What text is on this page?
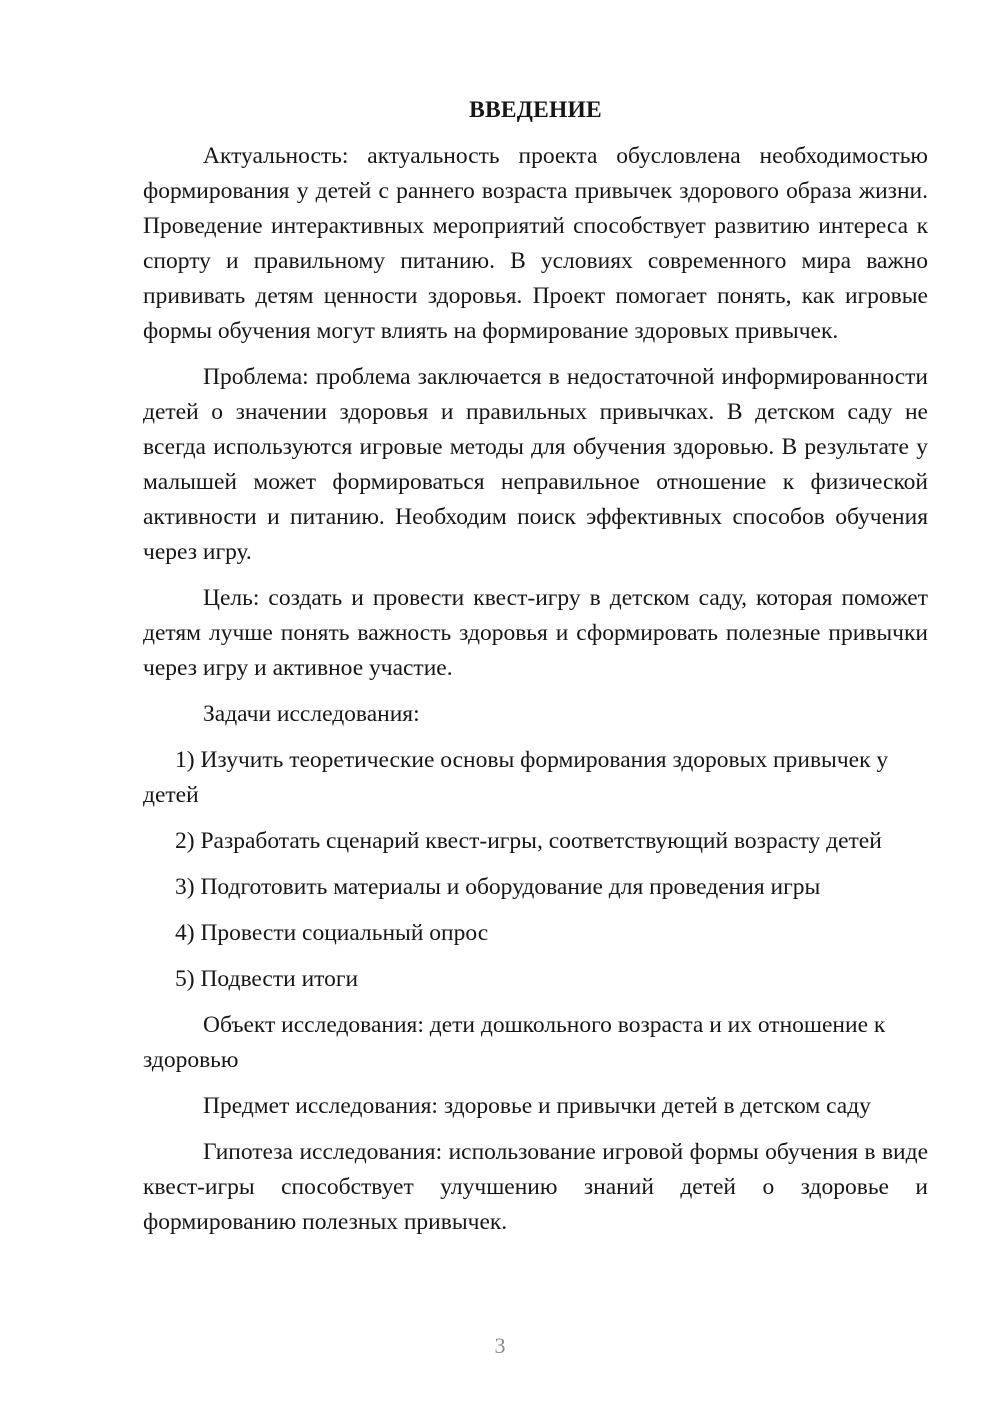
ВВЕДЕНИЕ

Актуальность: актуальность проекта обусловлена необходимостью формирования у детей с раннего возраста привычек здорового образа жизни. Проведение интерактивных мероприятий способствует развитию интереса к спорту и правильному питанию. В условиях современного мира важно прививать детям ценности здоровья. Проект помогает понять, как игровые формы обучения могут влиять на формирование здоровых привычек.

Проблема: проблема заключается в недостаточной информированности детей о значении здоровья и правильных привычках. В детском саду не всегда используются игровые методы для обучения здоровью. В результате у малышей может формироваться неправильное отношение к физической активности и питанию. Необходим поиск эффективных способов обучения через игру.

Цель: создать и провести квест-игру в детском саду, которая поможет детям лучше понять важность здоровья и сформировать полезные привычки через игру и активное участие.

Задачи исследования:

1) Изучить теоретические основы формирования здоровых привычек у детей

2) Разработать сценарий квест-игры, соответствующий возрасту детей

3) Подготовить материалы и оборудование для проведения игры

4) Провести социальный опрос

5) Подвести итоги

Объект исследования: дети дошкольного возраста и их отношение к здоровью

Предмет исследования: здоровье и привычки детей в детском саду

Гипотеза исследования: использование игровой формы обучения в виде квест-игры способствует улучшению знаний детей о здоровье и формированию полезных привычек.

3
